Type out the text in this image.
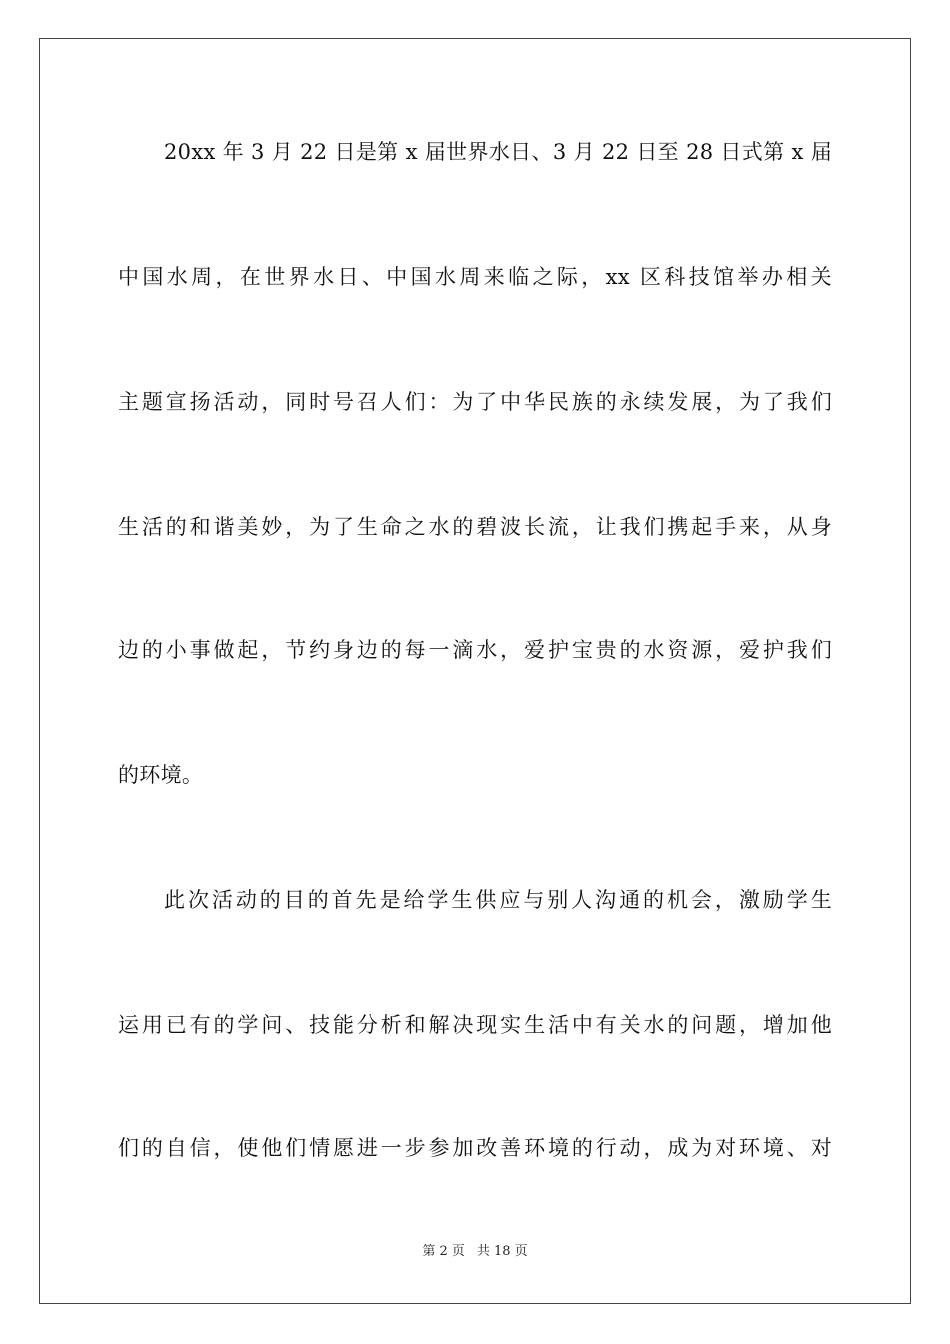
20xx 年 3 月 22 日是第 x 届世界水日、3 月 22 日至 28 日式第 x 届
中国水周，在世界水日、中国水周来临之际，xx 区科技馆举办相关
主题宣扬活动，同时号召人们：为了中华民族的永续发展，为了我们
生活的和谐美妙，为了生命之水的碧波长流，让我们携起手来，从身
边的小事做起，节约身边的每一滴水，爱护宝贵的水资源，爱护我们
的环境。
此次活动的目的首先是给学生供应与别人沟通的机会，激励学生
运用已有的学问、技能分析和解决现实生活中有关水的问题，增加他
们的自信，使他们情愿进一步参加改善环境的行动，成为对环境、对
第 2 页 共 18 页
